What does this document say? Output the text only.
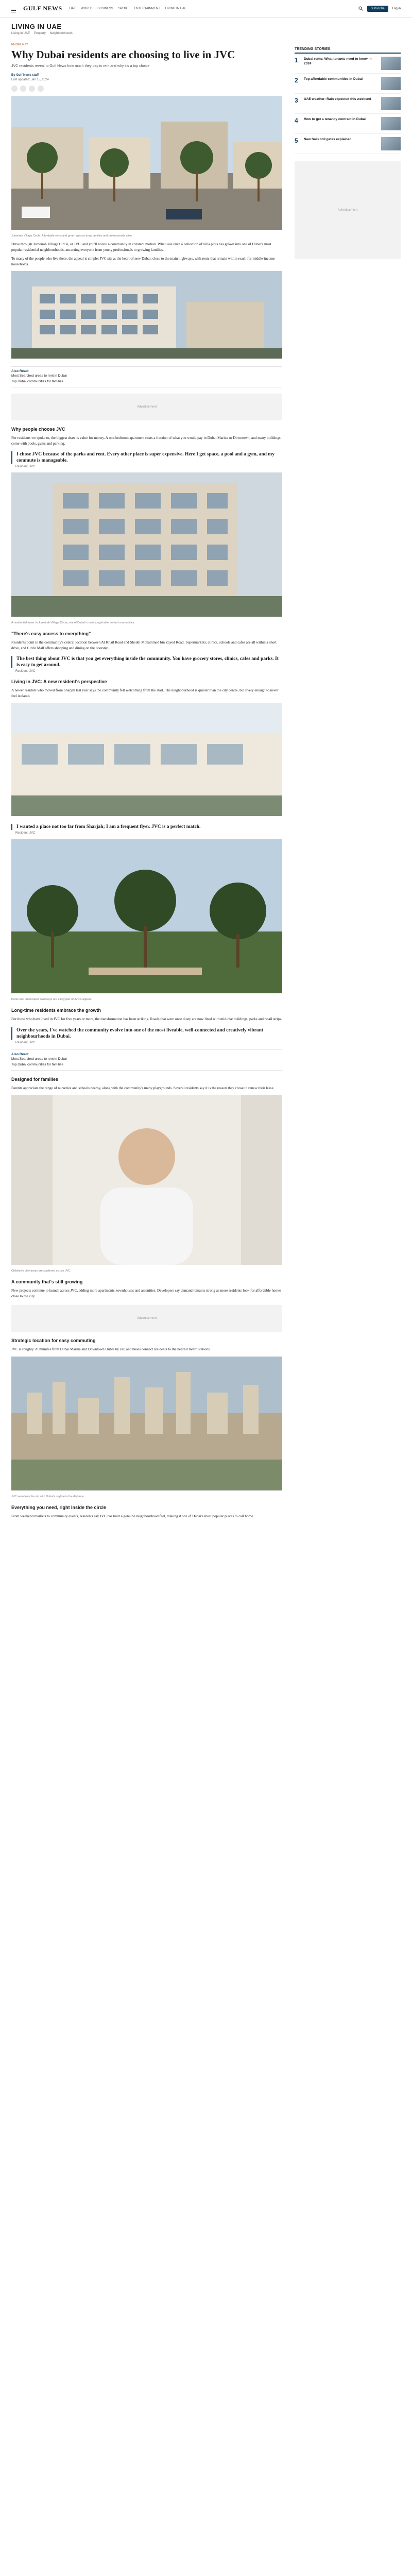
GULF NEWS UAE WORLD BUSINESS SPORT ENTERTAINMENT LIVING IN UAE	Subscribe	Log in
LIVING IN UAE
Living in UAE Property Neighbourhoods
PROPERTY
Why Dubai residents are choosing to live in JVC
JVC residents reveal to Gulf News how much they pay in rent and why it's a top choice
By Gulf News staff
Last updated: Jan 15, 2024
Jumeirah Village Circle: Affordable rents and green spaces draw families and professionals alike.

Drive through Jumeirah Village Circle, or JVC, and you'll notice a community in constant motion. What was once a collection of villa plots has grown into one of Dubai's most popular residential neighbourhoods, attracting everyone from young professionals to growing families.

To many of the people who live there, the appeal is simple: JVC sits at the heart of new Dubai, close to the main highways, with rents that remain within reach for middle-income households.

Also Read:
Most Searched areas to rent in Dubai
Top Dubai communities for families
Advertisement
Why people choose JVC

For residents we spoke to, the biggest draw is value for money. A one-bedroom apartment costs a fraction of what you would pay in Dubai Marina or Downtown, and many buildings come with pools, gyms and parking.

I chose JVC because of the parks and rent. Every other place is super expensive. Here I get space, a pool and a gym, and my commute is manageable.
Resident, JVC
A residential tower in Jumeirah Village Circle, one of Dubai's most sought-after rental communities.
"There's easy access to everything"

Residents point to the community's central location between Al Khail Road and Sheikh Mohammed bin Zayed Road. Supermarkets, clinics, schools and cafes are all within a short drive, and Circle Mall offers shopping and dining on the doorstep.

The best thing about JVC is that you get everything inside the community. You have grocery stores, clinics, cafes and parks. It is easy to get around.
Resident, JVC
Living in JVC: A new resident's perspective

A newer resident who moved from Sharjah last year says the community felt welcoming from the start. The neighbourhood is quieter than the city centre, but lively enough to never feel isolated.

I wanted a place not too far from Sharjah; I am a frequent flyer. JVC is a perfect match.
Resident, JVC
Parks and landscaped walkways are a key part of JVC's appeal.
Long-time residents embrace the growth

For those who have lived in JVC for five years or more, the transformation has been striking. Roads that were once dusty are now lined with mid-rise buildings, parks and retail strips.

Over the years, I've watched the community evolve into one of the most liveable, well-connected and creatively vibrant neighbourhoods in Dubai.
Resident, JVC
Also Read:
Most Searched areas to rent in Dubai
Top Dubai communities for families
Designed for families

Parents appreciate the range of nurseries and schools nearby, along with the community's many playgrounds. Several residents say it is the reason they chose to renew their lease.

Children's play areas are scattered across JVC.
A community that's still growing

New projects continue to launch across JVC, adding more apartments, townhouses and amenities. Developers say demand remains strong as more residents look for affordable homes close to the city.

Advertisement
Strategic location for easy commuting

JVC is roughly 20 minutes from Dubai Marina and Downtown Dubai by car, and buses connect residents to the nearest metro stations.

JVC seen from the air, with Dubai's skyline in the distance.
Everything you need, right inside the circle

From weekend markets to community events, residents say JVC has built a genuine neighbourhood feel, making it one of Dubai's most popular places to call home.

TRENDING STORIES
1	Dubai rents: What tenants need to know in 2024
2	Top affordable communities in Dubai
3	UAE weather: Rain expected this weekend
4	How to get a tenancy contract in Dubai
5	New Salik toll gates explained
Advertisement
